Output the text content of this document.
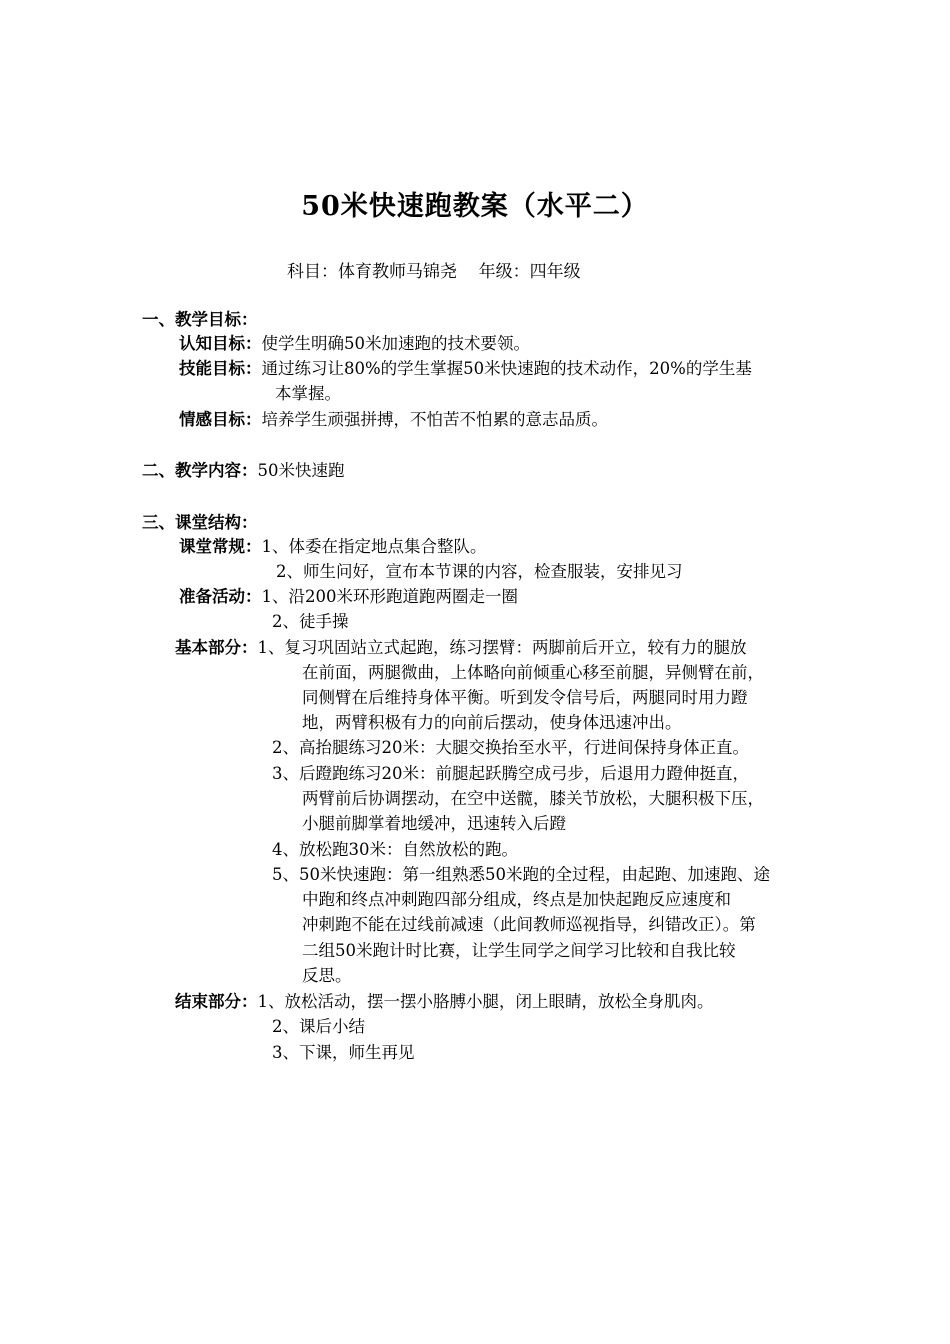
50米快速跑教案（水平二）
科目：体育教师马锦尧    年级：四年级
一、教学目标：
认知目标：使学生明确50米加速跑的技术要领。
技能目标：通过练习让80%的学生掌握50米快速跑的技术动作，20%的学生基
本掌握。
情感目标：培养学生顽强拼搏，不怕苦不怕累的意志品质。
二、教学内容：50米快速跑
三、课堂结构：
课堂常规：1、体委在指定地点集合整队。
2、师生问好，宣布本节课的内容，检查服装，安排见习
准备活动：1、沿200米环形跑道跑两圈走一圈
2、徒手操
基本部分：1、复习巩固站立式起跑，练习摆臂：两脚前后开立，较有力的腿放
在前面，两腿微曲，上体略向前倾重心移至前腿，异侧臂在前，
同侧臂在后维持身体平衡。听到发令信号后，两腿同时用力蹬
地，两臂积极有力的向前后摆动，使身体迅速冲出。
2、高抬腿练习20米：大腿交换抬至水平，行进间保持身体正直。
3、后蹬跑练习20米：前腿起跃腾空成弓步，后退用力蹬伸挺直，
两臂前后协调摆动，在空中送髋，膝关节放松，大腿积极下压，
小腿前脚掌着地缓冲，迅速转入后蹬
4、放松跑30米：自然放松的跑。
5、50米快速跑：第一组熟悉50米跑的全过程，由起跑、加速跑、途
中跑和终点冲刺跑四部分组成，终点是加快起跑反应速度和
冲刺跑不能在过线前减速（此间教师巡视指导，纠错改正）。第
二组50米跑计时比赛，让学生同学之间学习比较和自我比较
反思。
结束部分：1、放松活动，摆一摆小胳膊小腿，闭上眼睛，放松全身肌肉。
2、课后小结
3、下课，师生再见
